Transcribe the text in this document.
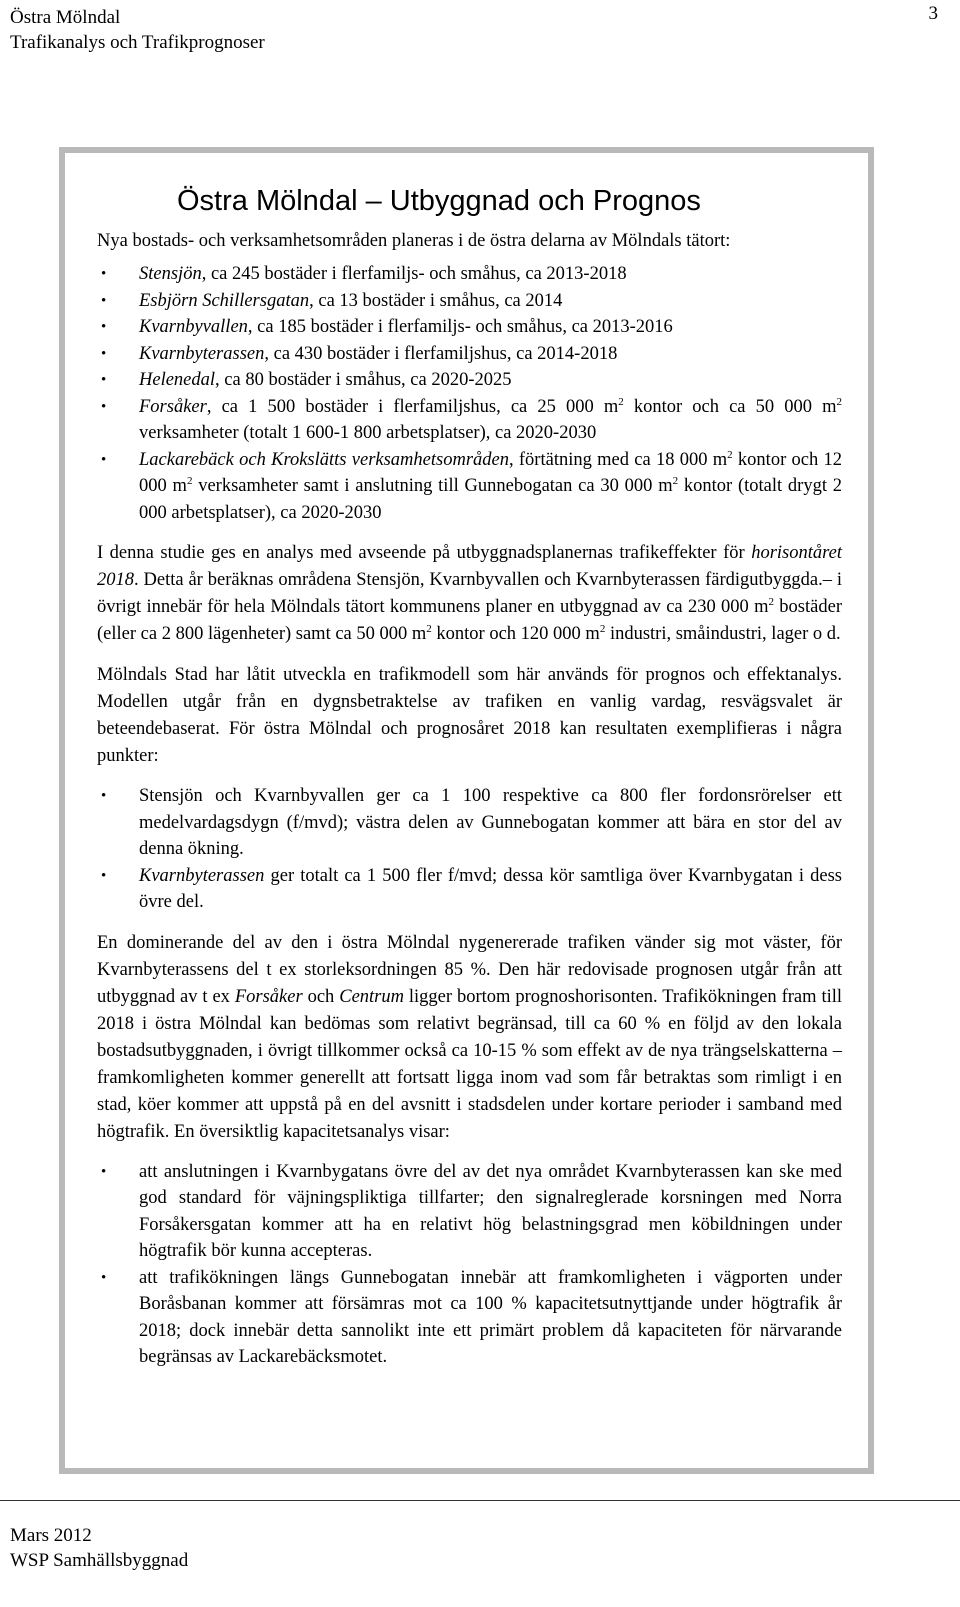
Östra Mölndal
Trafikanalys och Trafikprognoser
3
Östra Mölndal – Utbyggnad och Prognos

Nya bostads- och verksamhetsområden planeras i de östra delarna av Mölndals tätort:

• Stensjön, ca 245 bostäder i flerfamiljs- och småhus, ca 2013-2018
• Esbjörn Schillersgatan, ca 13 bostäder i småhus, ca 2014
• Kvarnbyvallen, ca 185 bostäder i flerfamiljs- och småhus, ca 2013-2016
• Kvarnbyterassen, ca 430 bostäder i flerfamiljshus, ca 2014-2018
• Helenedal, ca 80 bostäder i småhus, ca 2020-2025
• Forsåker, ca 1 500 bostäder i flerfamiljshus, ca 25 000 $m^2$ kontor och ca 50 000 $m^2$ verksamheter (totalt 1 600-1 800 arbetsplatser), ca 2020-2030
• Lackarebäck och Krokslätts verksamhetsområden, förtätning med ca 18 000 $m^2$ kontor och 12 000 $m^2$ verksamheter samt i anslutning till Gunnebogatan ca 30 000 $m^2$ kontor (totalt drygt 2 000 arbetsplatser), ca 2020-2030

I denna studie ges en analys med avseende på utbyggnadsplanernas trafikeffekter för horisontåret 2018. Detta år beräknas områdena Stensjön, Kvarnbyvallen och Kvarnbyterassen färdigutbyggda.– i övrigt innebär för hela Mölndals tätort kommunens planer en utbyggnad av ca 230 000 $m^2$ bostäder (eller ca 2 800 lägenheter) samt ca 50 000 $m^2$ kontor och 120 000 $m^2$ industri, småindustri, lager o d.

Mölndals Stad har låtit utveckla en trafikmodell som här används för prognos och effektanalys. Modellen utgår från en dygnsbetraktelse av trafiken en vanlig vardag, resvägsvalet är beteendebaserat. För östra Mölndal och prognosåret 2018 kan resultaten exemplifieras i några punkter:

• Stensjön och Kvarnbyvallen ger ca 1 100 respektive ca 800 fler fordonsrörelser ett medelvardagsdygn (f/mvd); västra delen av Gunnebogatan kommer att bära en stor del av denna ökning.
• Kvarnbyterassen ger totalt ca 1 500 fler f/mvd; dessa kör samtliga över Kvarnbygatan i dess övre del.

En dominerande del av den i östra Mölndal nygenererade trafiken vänder sig mot väster, för Kvarnbyterassens del t ex storleksordningen 85 %. Den här redovisade prognosen utgår från att utbyggnad av t ex Forsåker och Centrum ligger bortom prognoshorisonten. Trafikökningen fram till 2018 i östra Mölndal kan bedömas som relativt begränsad, till ca 60 % en följd av den lokala bostadsutbyggnaden, i övrigt tillkommer också ca 10-15 % som effekt av de nya trängselskatterna – framkomligheten kommer generellt att fortsatt ligga inom vad som får betraktas som rimligt i en stad, köer kommer att uppstå på en del avsnitt i stadsdelen under kortare perioder i samband med högtrafik. En översiktlig kapacitetsanalys visar:

• att anslutningen i Kvarnbygatans övre del av det nya området Kvarnbyterassen kan ske med god standard för väjningspliktiga tillfarter; den signalreglerade korsningen med Norra Forsåkersgatan kommer att ha en relativt hög belastningsgrad men köbildningen under högtrafik bör kunna accepteras.
• att trafikökningen längs Gunnebogatan innebär att framkomligheten i vägporten under Boråsbanan kommer att försämras mot ca 100 % kapacitetsutnyttjande under högtrafik år 2018; dock innebär detta sannolikt inte ett primärt problem då kapaciteten för närvarande begränsas av Lackarebäcksmotet.
Mars 2012
WSP Samhällsbyggnad
